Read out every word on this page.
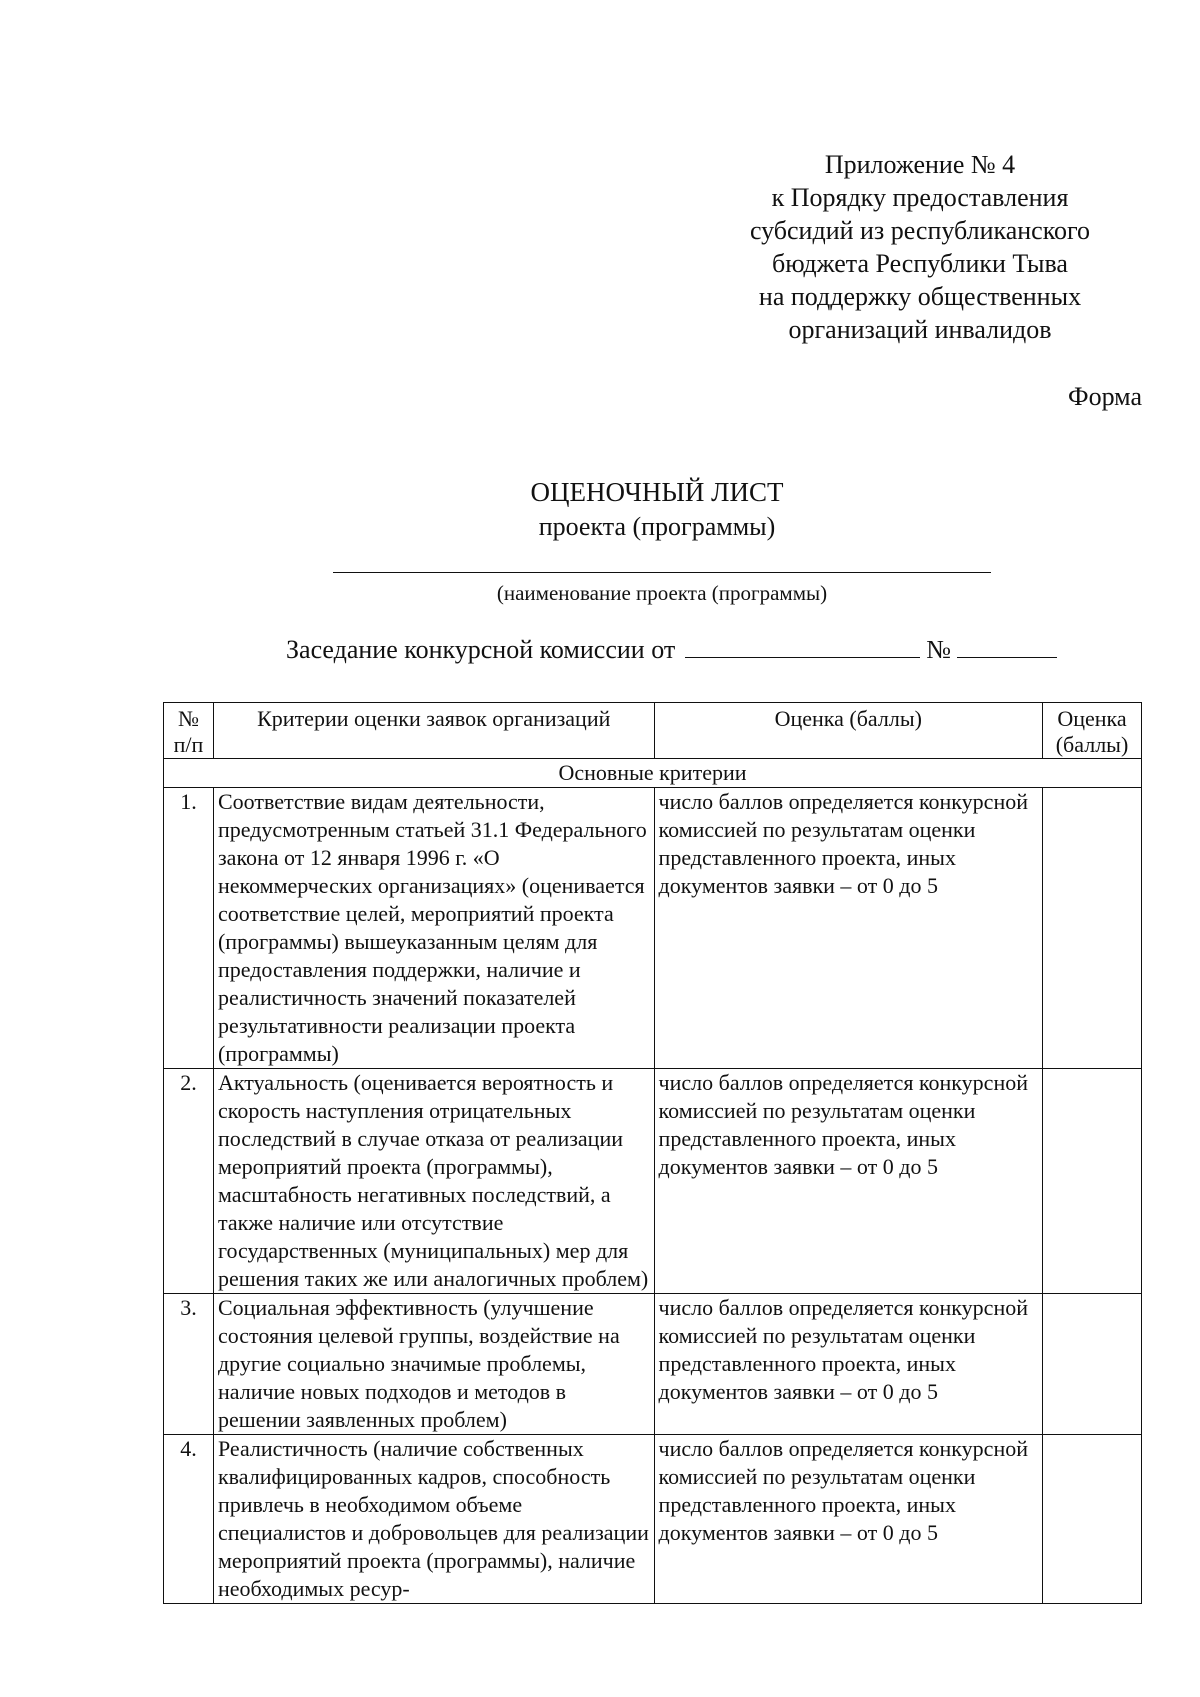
Приложение № 4
к Порядку предоставления
субсидий из республиканского
бюджета Республики Тыва
на поддержку общественных
организаций инвалидов
Форма
ОЦЕНОЧНЫЙ ЛИСТ
проекта (программы)
(наименование проекта (программы)
Заседание конкурсной комиссии от	№
№ п/п	Критерии оценки заявок организаций	Оценка (баллы)	Оценка (баллы)
Основные критерии			
1.	Соответствие видам деятельности, предусмотренным статьей 31.1 Федерального закона от 12 января 1996 г. «О некоммерческих организациях» (оценивается соответствие целей, мероприятий проекта (программы) вышеуказанным целям для предоставления поддержки, наличие и реалистичность значений показателей результативности реализации проекта (программы)	число баллов определяется конкурсной комиссией по результатам оценки представленного проекта, иных документов заявки – от 0 до 5	
2.	Актуальность (оценивается вероятность и скорость наступления отрицательных последствий в случае отказа от реализации мероприятий проекта (программы), масштабность негативных последствий, а также наличие или отсутствие государственных (муниципальных) мер для решения таких же или аналогичных проблем)	число баллов определяется конкурсной комиссией по результатам оценки представленного проекта, иных документов заявки – от 0 до 5	
3.	Социальная эффективность (улучшение состояния целевой группы, воздействие на другие социально значимые проблемы, наличие новых подходов и методов в решении заявленных проблем)	число баллов определяется конкурсной комиссией по результатам оценки представленного проекта, иных документов заявки – от 0 до 5	
4.	Реалистичность (наличие собственных квалифицированных кадров, способность привлечь в необходимом объеме специалистов и добровольцев для реализации мероприятий проекта (программы), наличие необходимых ресур-	число баллов определяется конкурсной комиссией по результатам оценки представленного проекта, иных документов заявки – от 0 до 5	
